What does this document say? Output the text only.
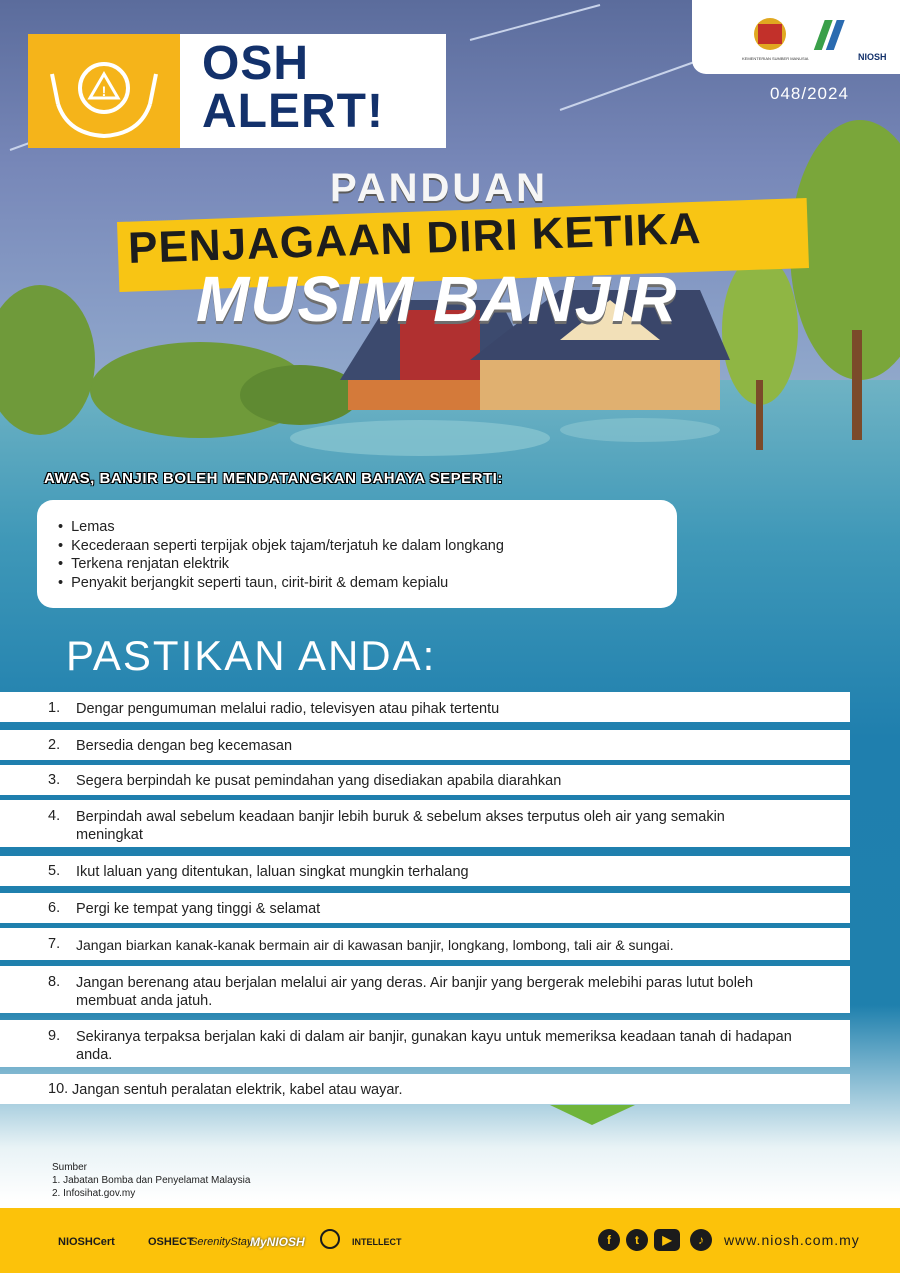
!
OSH
ALERT!
KEMENTERIAN SUMBER MANUSIA	NIOSH
048/2024
PANDUAN
PENJAGAAN DIRI KETIKA
MUSIM BANJIR
AWAS, BANJIR BOLEH MENDATANGKAN BAHAYA SEPERTI:
• Lemas
• Kecederaan seperti terpijak objek tajam/terjatuh ke dalam longkang
• Terkena renjatan elektrik
• Penyakit berjangkit seperti taun, cirit-birit & demam kepialu
PASTIKAN ANDA:
1. Dengar pengumuman melalui radio, televisyen atau pihak tertentu
2. Bersedia dengan beg kecemasan
3. Segera berpindah ke pusat pemindahan yang disediakan apabila diarahkan
4. Berpindah awal sebelum keadaan banjir lebih buruk & sebelum akses terputus oleh air yang semakin meningkat
5. Ikut laluan yang ditentukan, laluan singkat mungkin terhalang
6. Pergi ke tempat yang tinggi & selamat
7. Jangan biarkan kanak-kanak bermain air di kawasan banjir, longkang, lombong, tali air & sungai.
8. Jangan berenang atau berjalan melalui air yang deras. Air banjir yang bergerak melebihi paras lutut boleh membuat anda jatuh.
9. Sekiranya terpaksa berjalan kaki di dalam air banjir, gunakan kayu untuk memeriksa keadaan tanah di hadapan anda.
10. Jangan sentuh peralatan elektrik, kabel atau wayar.
Sumber
1. Jabatan Bomba dan Penyelamat Malaysia
2. Infosihat.gov.my
NIOSHCert	OSHECT
SerenityStay
MyNIOSH	INTELLECT	f	t	▶	♪	www.niosh.com.my
